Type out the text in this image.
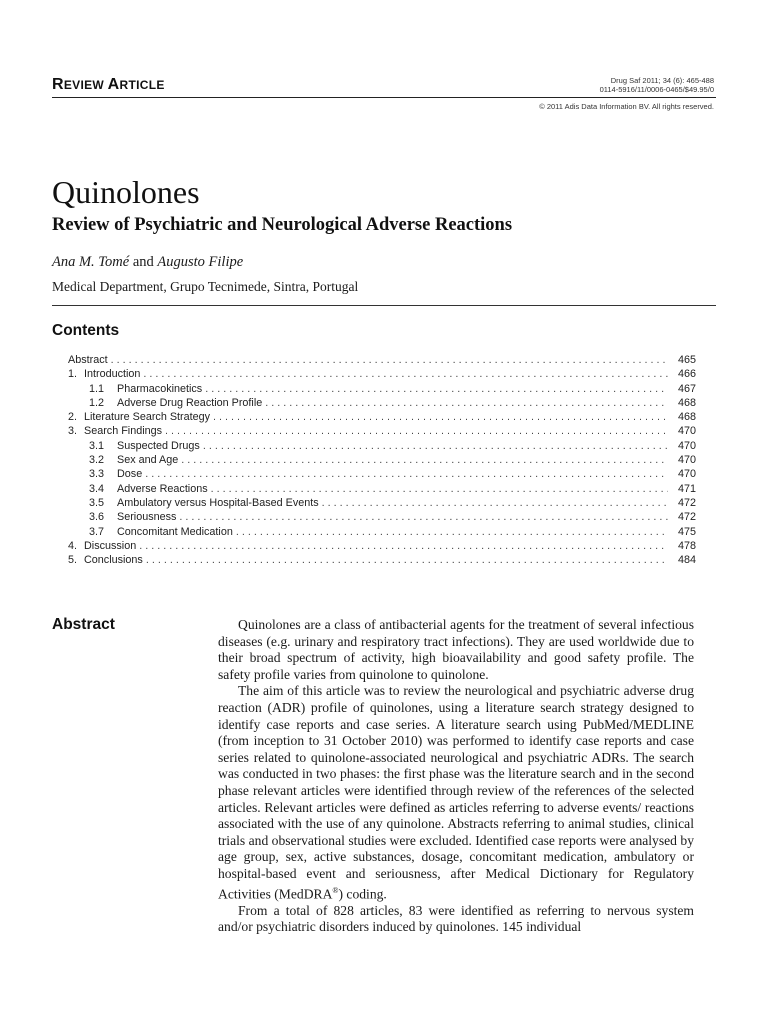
REVIEW ARTICLE	Drug Saf 2011; 34 (6): 465-488
0114-5916/11/0006-0465/$49.95/0
© 2011 Adis Data Information BV. All rights reserved.
Quinolones
Review of Psychiatric and Neurological Adverse Reactions
Ana M. Tomé and Augusto Filipe
Medical Department, Grupo Tecnimede, Sintra, Portugal
Contents
Abstract . . .	465
1. Introduction . . .	466
1.1	Pharmacokinetics . . .	467
1.2	Adverse Drug Reaction Profile . . .	468
2. Literature Search Strategy . . .	468
3. Search Findings . . .	470
3.1	Suspected Drugs . . .	470
3.2	Sex and Age . . .	470
3.3	Dose . . .	470
3.4	Adverse Reactions . . .	471
3.5	Ambulatory versus Hospital-Based Events . . .	472
3.6	Seriousness . . .	472
3.7	Concomitant Medication . . .	475
4. Discussion . . .	478
5. Conclusions . . .	484
Abstract	Quinolones are a class of antibacterial agents for the treatment of several infectious diseases (e.g. urinary and respiratory tract infections). They are used worldwide due to their broad spectrum of activity, high bioavailability and good safety profile. The safety profile varies from quinolone to quinolone.

The aim of this article was to review the neurological and psychiatric adverse drug reaction (ADR) profile of quinolones, using a literature search strategy designed to identify case reports and case series. A literature search using PubMed/MEDLINE (from inception to 31 October 2010) was performed to identify case reports and case series related to quinolone-associated neurological and psychiatric ADRs. The search was conducted in two phases: the first phase was the literature search and in the second phase relevant articles were identified through review of the references of the selected articles. Relevant articles were defined as articles referring to adverse events/ reactions associated with the use of any quinolone. Abstracts referring to animal studies, clinical trials and observational studies were excluded. Identified case reports were analysed by age group, sex, active substances, dosage, concomitant medication, ambulatory or hospital-based event and seriousness, after Medical Dictionary for Regulatory Activities (MedDRA®) coding.

From a total of 828 articles, 83 were identified as referring to nervous system and/or psychiatric disorders induced by quinolones. 145 individual
